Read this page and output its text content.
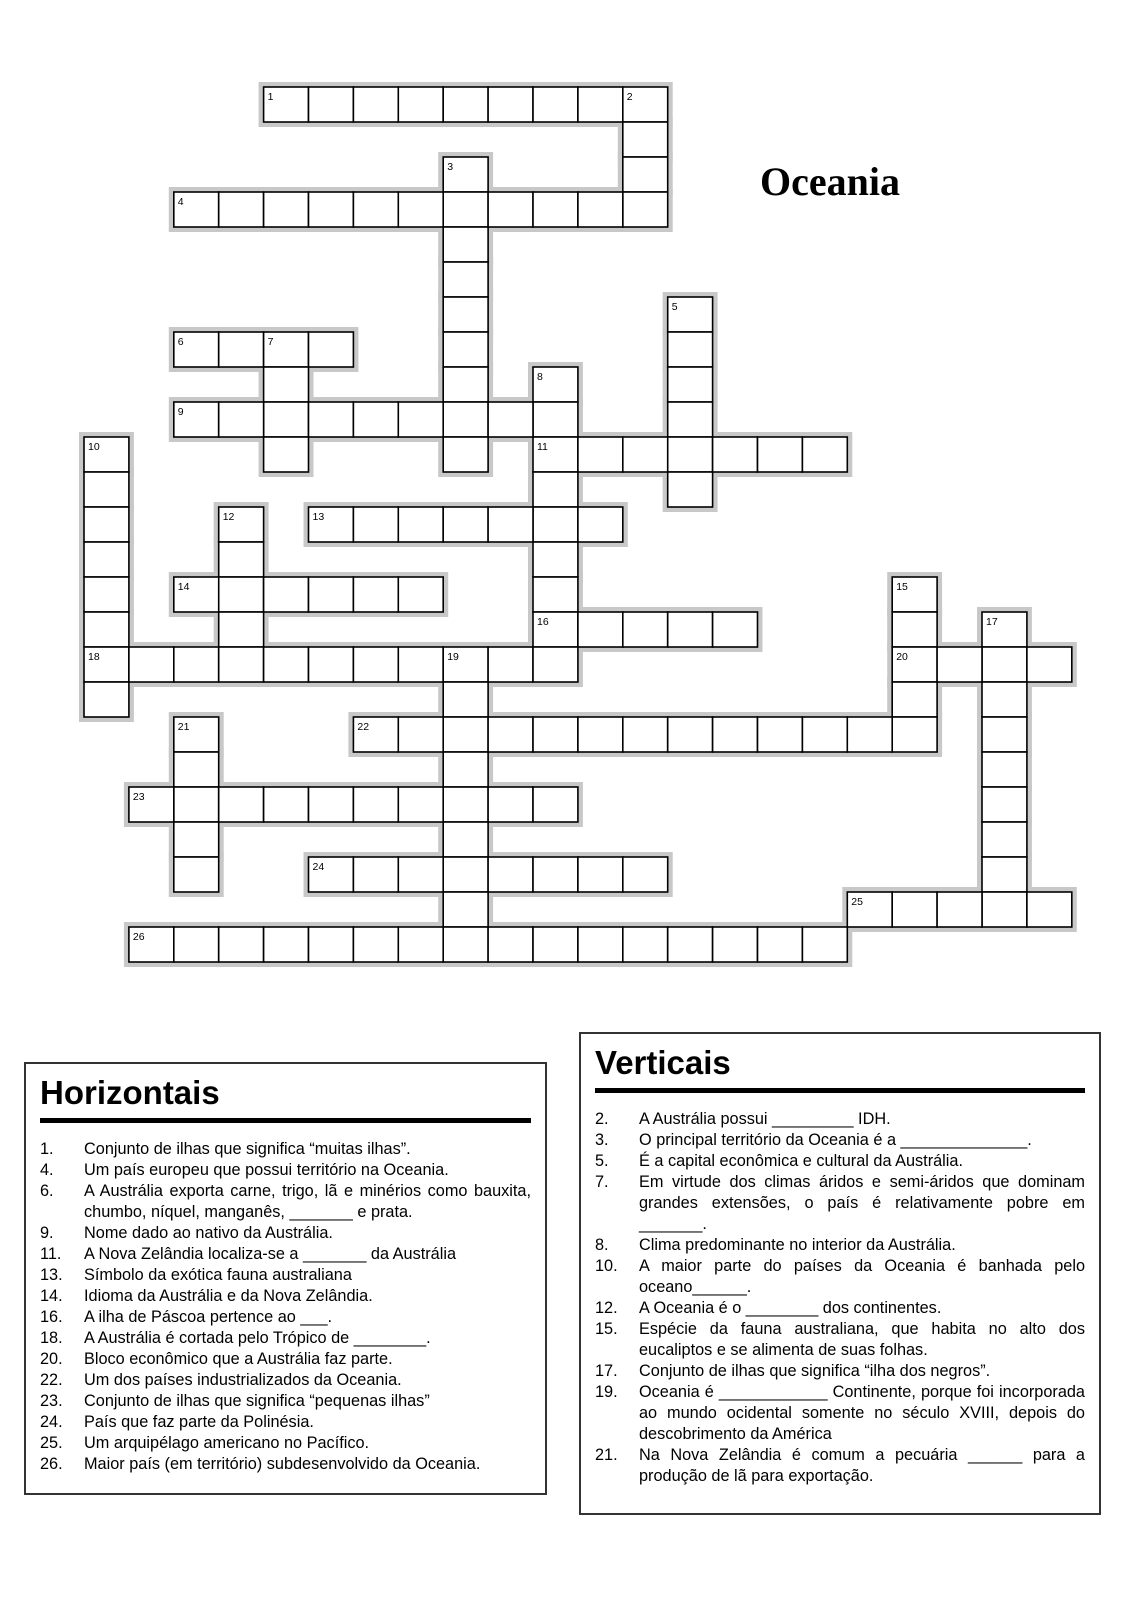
1	2
3
4
5
6	7
8
9
10	11
12	13
14	15
16	17
18	19	20
21	22
23
24
25
26
Oceania
Horizontais
1.	Conjunto de ilhas que significa “muitas ilhas”.
4.	Um país europeu que possui território na Oceania.
6.	A Austrália exporta carne, trigo, lã e minérios como bauxita, chumbo, níquel, manganês, _______ e prata.
9.	Nome dado ao nativo da Austrália.
11.	A Nova Zelândia localiza-se a _______ da Austrália
13.	Símbolo da exótica fauna australiana
14.	Idioma da Austrália e da Nova Zelândia.
16.	A ilha de Páscoa pertence ao ___.
18.	A Austrália é cortada pelo Trópico de ________.
20.	Bloco econômico que a Austrália faz parte.
22.	Um dos países industrializados da Oceania.
23.	Conjunto de ilhas que significa “pequenas ilhas”
24.	País que faz parte da Polinésia.
25.	Um arquipélago americano no Pacífico.
26.	Maior país (em território) subdesenvolvido da Oceania.
Verticais
2.	A Austrália possui _________ IDH.
3.	O principal território da Oceania é a ______________.
5.	É a capital econômica e cultural da Austrália.
7.	Em virtude dos climas áridos e semi-áridos que dominam grandes extensões, o país é relativamente pobre em _______.
8.	Clima predominante no interior da Austrália.
10.	A maior parte do países da Oceania é banhada pelo oceano______.
12.	A Oceania é o ________ dos continentes.
15.	Espécie da fauna australiana, que habita no alto dos eucaliptos e se alimenta de suas folhas.
17.	Conjunto de ilhas que significa “ilha dos negros”.
19.	Oceania é ____________ Continente, porque foi incorporada ao mundo ocidental somente no século XVIII, depois do descobrimento da América
21.	Na Nova Zelândia é comum a pecuária ______ para a produção de lã para exportação.
